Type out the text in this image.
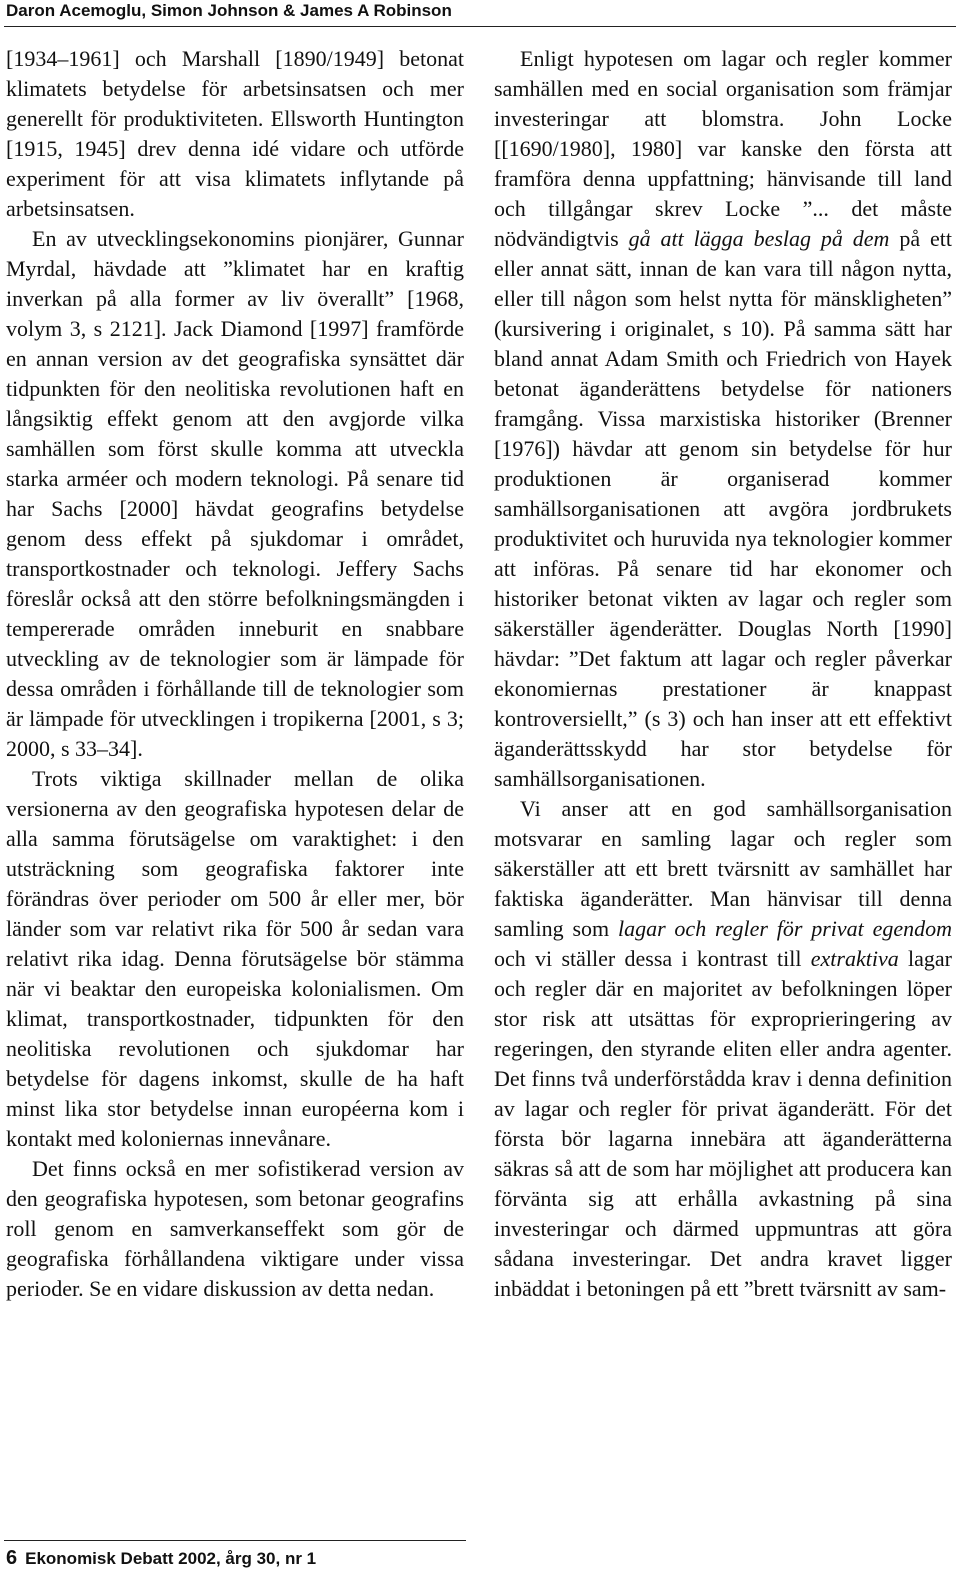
Daron Acemoglu, Simon Johnson & James A Robinson

[1934–1961] och Marshall [1890/1949] betonat klimatets betydelse för arbetsinsatsen och mer generellt för produktiviteten. Ellsworth Huntington [1915, 1945] drev denna idé vidare och utförde experiment för att visa klimatets inflytande på arbetsinsatsen.

En av utvecklingsekonomins pionjärer, Gunnar Myrdal, hävdade att ”klimatet har en kraftig inverkan på alla former av liv överallt” [1968, volym 3, s 2121]. Jack Diamond [1997] framförde en annan version av det geografiska synsättet där tidpunkten för den neolitiska revolutionen haft en långsiktig effekt genom att den avgjorde vilka samhällen som först skulle komma att utveckla starka arméer och modern teknologi. På senare tid har Sachs [2000] hävdat geografins betydelse genom dess effekt på sjukdomar i området, transportkostnader och teknologi. Jeffery Sachs föreslår också att den större befolkningsmängden i tempererade områden inneburit en snabbare utveckling av de teknologier som är lämpade för dessa områden i förhållande till de teknologier som är lämpade för utvecklingen i tropikerna [2001, s 3; 2000, s 33–34].

Trots viktiga skillnader mellan de olika versionerna av den geografiska hypotesen delar de alla samma förutsägelse om varaktighet: i den utsträckning som geografiska faktorer inte förändras över perioder om 500 år eller mer, bör länder som var relativt rika för 500 år sedan vara relativt rika idag. Denna förutsägelse bör stämma när vi beaktar den europeiska kolonialismen. Om klimat, transportkostnader, tidpunkten för den neolitiska revolutionen och sjukdomar har betydelse för dagens inkomst, skulle de ha haft minst lika stor betydelse innan européerna kom i kontakt med koloniernas innevånare.

Det finns också en mer sofistikerad version av den geografiska hypotesen, som betonar geografins roll genom en samverkanseffekt som gör de geografiska förhållandena viktigare under vissa perioder. Se en vidare diskussion av detta nedan.

Enligt hypotesen om lagar och regler kommer samhällen med en social organisation som främjar investeringar att blomstra. John Locke [[1690/1980], 1980] var kanske den första att framföra denna uppfattning; hänvisande till land och tillgångar skrev Locke ”... det måste nödvändigtvis gå att lägga beslag på dem på ett eller annat sätt, innan de kan vara till någon nytta, eller till någon som helst nytta för mänskligheten” (kursivering i originalet, s 10). På samma sätt har bland annat Adam Smith och Friedrich von Hayek betonat äganderättens betydelse för nationers framgång. Vissa marxistiska historiker (Brenner [1976]) hävdar att genom sin betydelse för hur produktionen är organiserad kommer samhällsorganisationen att avgöra jordbrukets produktivitet och huruvida nya teknologier kommer att införas. På senare tid har ekonomer och historiker betonat vikten av lagar och regler som säkerställer ägenderätter. Douglas North [1990] hävdar: ”Det faktum att lagar och regler påverkar ekonomiernas prestationer är knappast kontroversiellt,” (s 3) och han inser att ett effektivt äganderättsskydd har stor betydelse för samhällsorganisationen.

Vi anser att en god samhällsorganisation motsvarar en samling lagar och regler som säkerställer att ett brett tvärsnitt av samhället har faktiska äganderätter. Man hänvisar till denna samling som lagar och regler för privat egendom och vi ställer dessa i kontrast till extraktiva lagar och regler där en majoritet av befolkningen löper stor risk att utsättas för exproprieringering av regeringen, den styrande eliten eller andra agenter. Det finns två underförstådda krav i denna definition av lagar och regler för privat äganderätt. För det första bör lagarna innebära att äganderätterna säkras så att de som har möjlighet att producera kan förvänta sig att erhålla avkastning på sina investeringar och därmed uppmuntras att göra sådana investeringar. Det andra kravet ligger inbäddat i betoningen på ett ”brett tvärsnitt av sam-

6 Ekonomisk Debatt 2002, årg 30, nr 1
